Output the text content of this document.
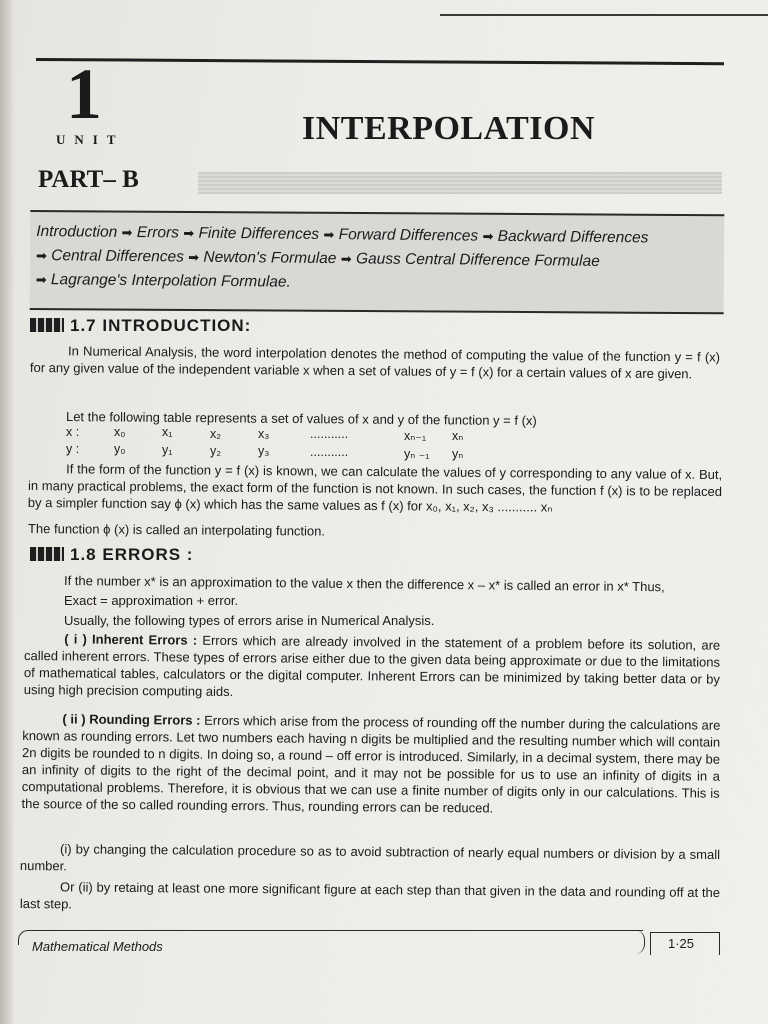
1
UNIT	INTERPOLATION
PART– B
Introduction ➡ Errors ➡ Finite Differences ➡ Forward Differences ➡ Backward Differences
➡ Central Differences ➡ Newton's Formulae ➡ Gauss Central Difference Formulae
➡ Lagrange's Interpolation Formulae.
1.7 INTRODUCTION:
In Numerical Analysis, the word interpolation denotes the method of computing the value of the function y = f (x) for any given value of the independent variable x when a set of values of y = f (x) for a certain values of x are given.
Let the following table represents a set of values of x and y of the function y = f (x)
x :	x₀	x₁	x₂	x₃	...........	xₙ₋₁ xₙ
y :	y₀	y₁	y₂	y₃	...........	yₙ ₋₁ yₙ
If the form of the function y = f (x) is known, we can calculate the values of y corresponding to any value of x. But, in many practical problems, the exact form of the function is not known. In such cases, the function f (x) is to be replaced by a simpler function say ϕ (x) which has the same values as f (x) for x₀, x₁, x₂, x₃ ........... xₙ
The function ϕ (x) is called an interpolating function.
1.8 ERRORS :
If the number x* is an approximation to the value x then the difference x – x* is called an error in x* Thus,
Exact = approximation + error.
Usually, the following types of errors arise in Numerical Analysis.
( i ) Inherent Errors : Errors which are already involved in the statement of a problem before its solution, are called inherent errors. These types of errors arise either due to the given data being approximate or due to the limitations of mathematical tables, calculators or the digital computer. Inherent Errors can be minimized by taking better data or by using high precision computing aids.
( ii ) Rounding Errors : Errors which arise from the process of rounding off the number during the calculations are known as rounding errors. Let two numbers each having n digits be multiplied and the resulting number which will contain 2n digits be rounded to n digits. In doing so, a round – off error is introduced. Similarly, in a decimal system, there may be an infinity of digits to the right of the decimal point, and it may not be possible for us to use an infinity of digits in a computational problems. Therefore, it is obvious that we can use a finite number of digits only in our calculations. This is the source of the so called rounding errors. Thus, rounding errors can be reduced.
(i) by changing the calculation procedure so as to avoid subtraction of nearly equal numbers or division by a small number.
Or (ii) by retaing at least one more significant figure at each step than that given in the data and rounding off at the last step.
Mathematical Methods	1·25
